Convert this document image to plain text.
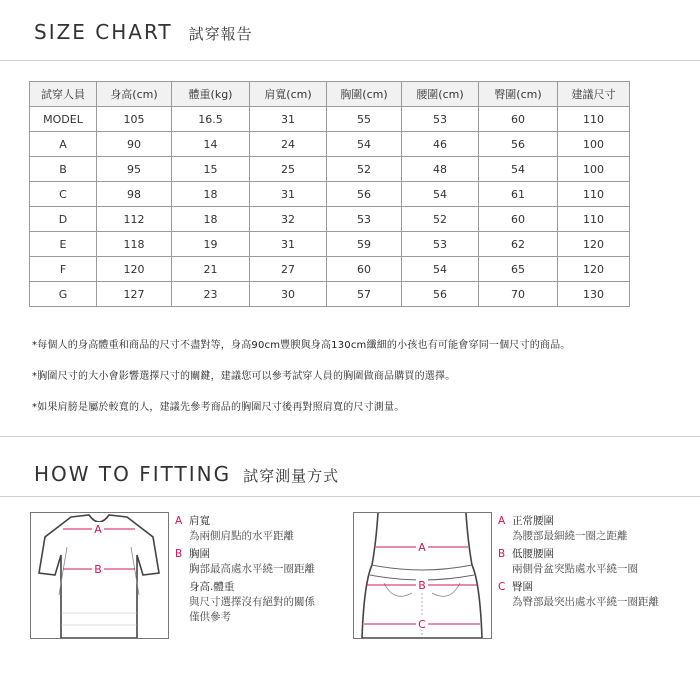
SIZE CHART 試穿報告
試穿人員	身高(cm)	體重(kg)	肩寬(cm)	胸圍(cm)	腰圍(cm)	臀圍(cm)	建議尺寸
MODEL	105	16.5	31	55	53	60	110
A	90	14	24	54	46	56	100
B	95	15	25	52	48	54	100
C	98	18	31	56	54	61	110
D	112	18	32	53	52	60	110
E	118	19	31	59	53	62	120
F	120	21	27	60	54	65	120
G	127	23	30	57	56	70	130
*每個人的身高體重和商品的尺寸不盡對等，身高90cm豐腴與身高130cm纖細的小孩也有可能會穿同一個尺寸的商品。
*胸圍尺寸的大小會影響選擇尺寸的關鍵，建議您可以參考試穿人員的胸圍做商品購買的選擇。
*如果肩膀是屬於較寬的人，建議先參考商品的胸圍尺寸後再對照肩寬的尺寸測量。
HOW TO FITTING 試穿測量方式
A
B
A 肩寬
為兩側肩點的水平距離
B 胸圍
胸部最高處水平繞一圈距離
身高.體重
與尺寸選擇沒有絕對的關係
僅供參考
A
B
C
A 正常腰圍
為腰部最細繞一圈之距離
B 低腰腰圍
兩側骨盆突點處水平繞一圈
C 臀圍
為臀部最突出處水平繞一圈距離
